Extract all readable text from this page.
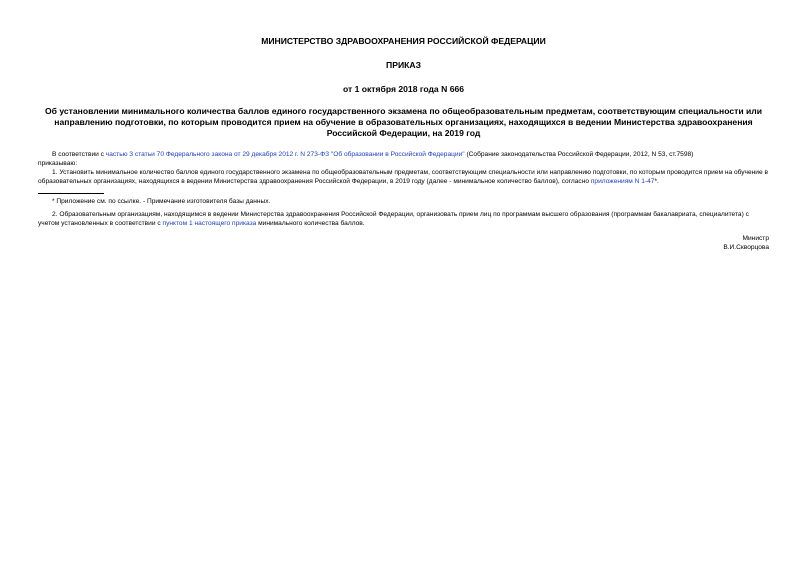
МИНИСТЕРСТВО ЗДРАВООХРАНЕНИЯ РОССИЙСКОЙ ФЕДЕРАЦИИ

ПРИКАЗ

от 1 октября 2018 года N 666

Об установлении минимального количества баллов единого государственного экзамена по общеобразовательным предметам, соответствующим специальности или направлению подготовки, по которым проводится прием на обучение в образовательных организациях, находящихся в ведении Министерства здравоохранения Российской Федерации, на 2019 год

В соответствии с частью 3 статьи 70 Федерального закона от 29 декабря 2012 г. N 273-ФЗ "Об образовании в Российской Федерации" (Собрание законодательства Российской Федерации, 2012, N 53, ст.7598)

приказываю:

1. Установить минимальное количество баллов единого государственного экзамена по общеобразовательным предметам, соответствующим специальности или направлению подготовки, по которым проводится прием на обучение в образовательных организациях, находящихся в ведении Министерства здравоохранения Российской Федерации, в 2019 году (далее - минимальное количество баллов), согласно приложениям N 1-47*.

* Приложение см. по ссылке. - Примечание изготовителя базы данных.

2. Образовательным организациям, находящимся в ведении Министерства здравоохранения Российской Федерации, организовать прием лиц по программам высшего образования (программам бакалавриата, специалитета) с учетом установленных в соответствии с пунктом 1 настоящего приказа минимального количества баллов.

Министр

В.И.Скворцова
